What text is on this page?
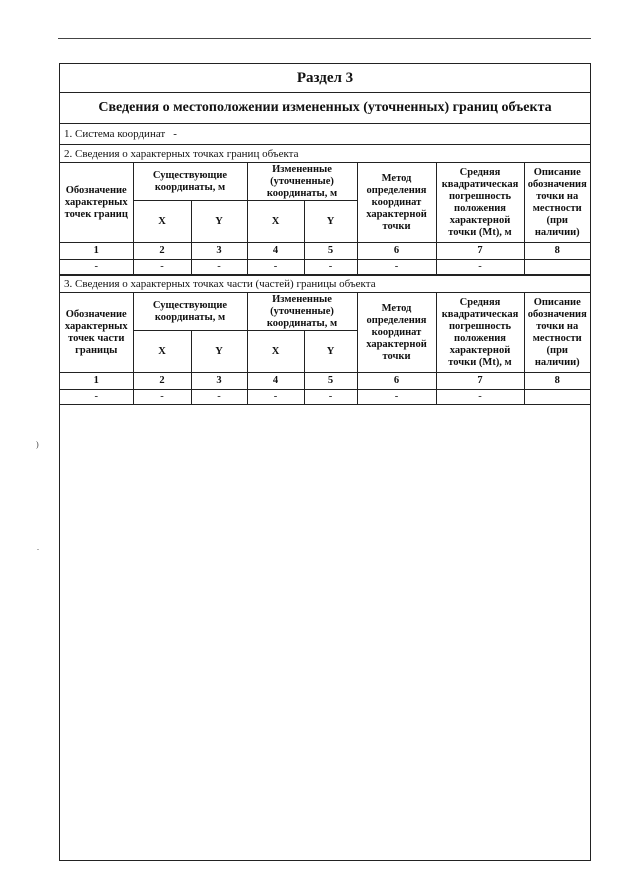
Раздел 3
Сведения о местоположении измененных (уточненных) границ объекта
1. Система координат -
2. Сведения о характерных точках границ объекта
Обозначение характерных точек границ	Существующие координаты, м		Измененные (уточненные) координаты, м		Метод определения координат характерной точки	Средняя квадратическая погрешность положения характерной точки (Mt), м	Описание обозначения точки на местности (при наличии)
	X	Y	X	Y			
1	2	3	4	5	6	7	8
-	-	-	-	-	-	-	
3. Сведения о характерных точках части (частей) границы объекта
Обозначение характерных точек части границы	Существующие координаты, м		Измененные (уточненные) координаты, м		Метод определения координат характерной точки	Средняя квадратическая погрешность положения характерной точки (Mt), м	Описание обозначения точки на местности (при наличии)
	X	Y	X	Y			
1	2	3	4	5	6	7	8
-	-	-	-	-	-	-	
)
.
